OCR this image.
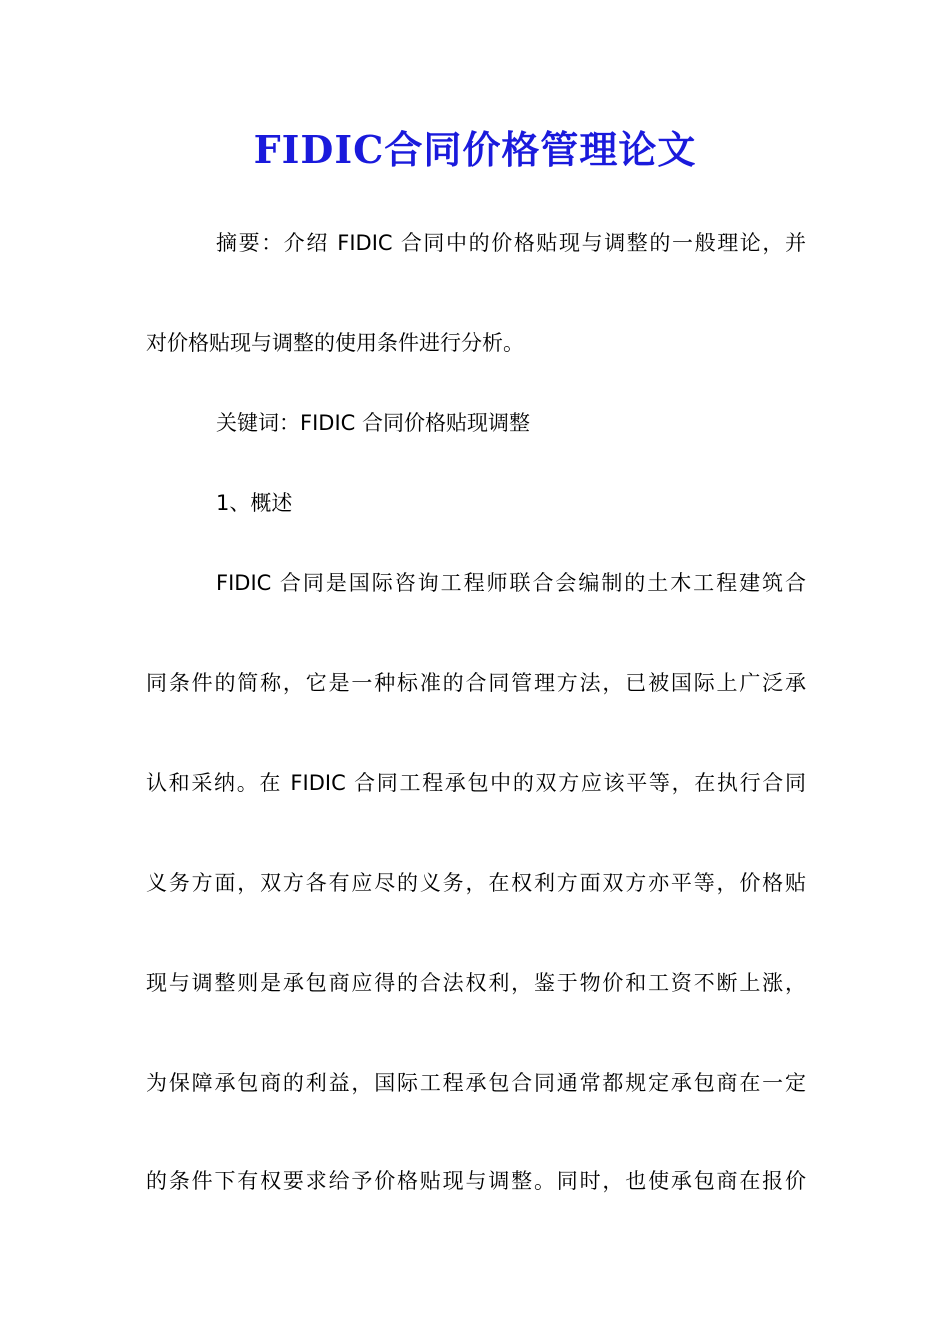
FIDIC合同价格管理论文
摘要：介绍 FIDIC 合同中的价格贴现与调整的一般理论，并
对价格贴现与调整的使用条件进行分析。
关键词：FIDIC 合同价格贴现调整
1、概述
FIDIC 合同是国际咨询工程师联合会编制的土木工程建筑合
同条件的简称，它是一种标准的合同管理方法，已被国际上广泛承
认和采纳。在 FIDIC 合同工程承包中的双方应该平等，在执行合同
义务方面，双方各有应尽的义务，在权利方面双方亦平等，价格贴
现与调整则是承包商应得的合法权利，鉴于物价和工资不断上涨，
为保障承包商的利益，国际工程承包合同通常都规定承包商在一定
的条件下有权要求给予价格贴现与调整。同时，也使承包商在报价
